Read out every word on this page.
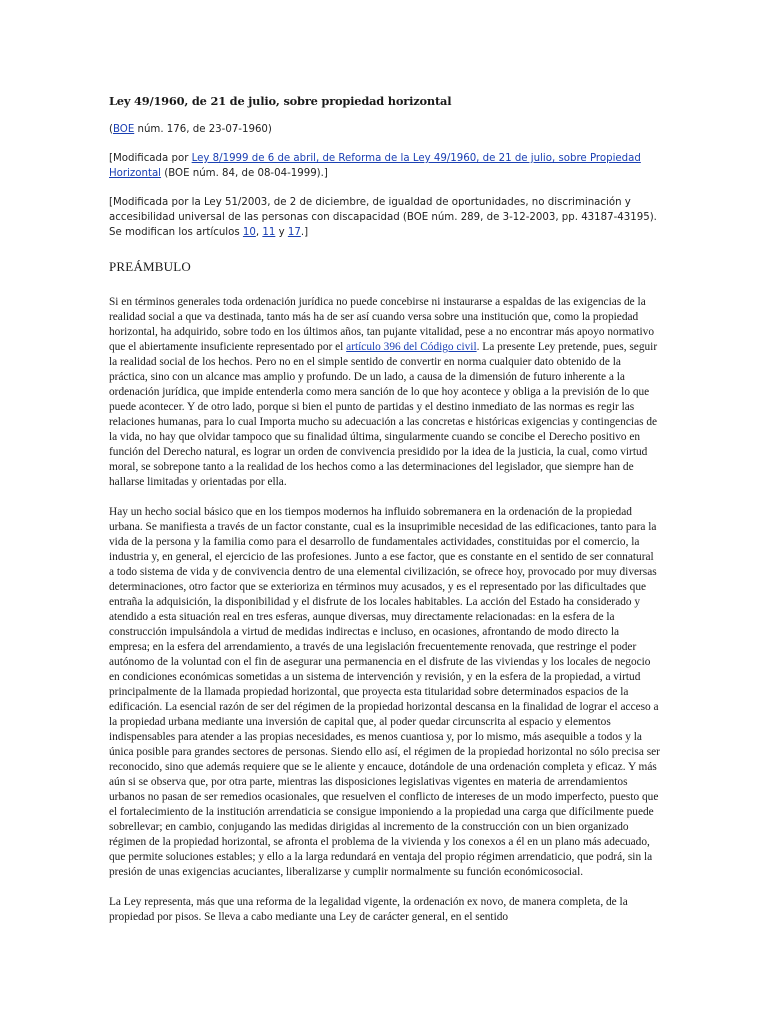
Ley 49/1960, de 21 de julio, sobre propiedad horizontal
(BOE núm. 176, de 23-07-1960)
[Modificada por Ley 8/1999 de 6 de abril, de Reforma de la Ley 49/1960, de 21 de julio, sobre Propiedad Horizontal (BOE núm. 84, de 08-04-1999).]
[Modificada por la Ley 51/2003, de 2 de diciembre, de igualdad de oportunidades, no discriminación y accesibilidad universal de las personas con discapacidad (BOE núm. 289, de 3-12-2003, pp. 43187-43195). Se modifican los artículos 10, 11 y 17.]
PREÁMBULO

Si en términos generales toda ordenación jurídica no puede concebirse ni instaurarse a espaldas de las exigencias de la realidad social a que va destinada, tanto más ha de ser así cuando versa sobre una institución que, como la propiedad horizontal, ha adquirido, sobre todo en los últimos años, tan pujante vitalidad, pese a no encontrar más apoyo normativo que el abiertamente insuficiente representado por el artículo 396 del Código civil. La presente Ley pretende, pues, seguir la realidad social de los hechos. Pero no en el simple sentido de convertir en norma cualquier dato obtenido de la práctica, sino con un alcance mas amplio y profundo. De un lado, a causa de la dimensión de futuro inherente a la ordenación jurídica, que impide entenderla como mera sanción de lo que hoy acontece y obliga a la previsión de lo que puede acontecer. Y de otro lado, porque si bien el punto de partidas y el destino inmediato de las normas es regir las relaciones humanas, para lo cual Importa mucho su adecuación a las concretas e históricas exigencias y contingencias de la vida, no hay que olvidar tampoco que su finalidad última, singularmente cuando se concibe el Derecho positivo en función del Derecho natural, es lograr un orden de convivencia presidido por la idea de la justicia, la cual, como virtud moral, se sobrepone tanto a la realidad de los hechos como a las determinaciones del legislador, que siempre han de hallarse limitadas y orientadas por ella.

Hay un hecho social básico que en los tiempos modernos ha influido sobremanera en la ordenación de la propiedad urbana. Se manifiesta a través de un factor constante, cual es la insuprimible necesidad de las edificaciones, tanto para la vida de la persona y la familia como para el desarrollo de fundamentales actividades, constituidas por el comercio, la industria y, en general, el ejercicio de las profesiones. Junto a ese factor, que es constante en el sentido de ser connatural a todo sistema de vida y de convivencia dentro de una elemental civilización, se ofrece hoy, provocado por muy diversas determinaciones, otro factor que se exterioriza en términos muy acusados, y es el representado por las dificultades que entraña la adquisición, la disponibilidad y el disfrute de los locales habitables. La acción del Estado ha considerado y atendido a esta situación real en tres esferas, aunque diversas, muy directamente relacionadas: en la esfera de la construcción impulsándola a virtud de medidas indirectas e incluso, en ocasiones, afrontando de modo directo la empresa; en la esfera del arrendamiento, a través de una legislación frecuentemente renovada, que restringe el poder autónomo de la voluntad con el fin de asegurar una permanencia en el disfrute de las viviendas y los locales de negocio en condiciones económicas sometidas a un sistema de intervención y revisión, y en la esfera de la propiedad, a virtud principalmente de la llamada propiedad horizontal, que proyecta esta titularidad sobre determinados espacios de la edificación. La esencial razón de ser del régimen de la propiedad horizontal descansa en la finalidad de lograr el acceso a la propiedad urbana mediante una inversión de capital que, al poder quedar circunscrita al espacio y elementos indispensables para atender a las propias necesidades, es menos cuantiosa y, por lo mismo, más asequible a todos y la única posible para grandes sectores de personas. Siendo ello así, el régimen de la propiedad horizontal no sólo precisa ser reconocido, sino que además requiere que se le aliente y encauce, dotándole de una ordenación completa y eficaz. Y más aún si se observa que, por otra parte, mientras las disposiciones legislativas vigentes en materia de arrendamientos urbanos no pasan de ser remedios ocasionales, que resuelven el conflicto de intereses de un modo imperfecto, puesto que el fortalecimiento de la institución arrendaticia se consigue imponiendo a la propiedad una carga que difícilmente puede sobrellevar; en cambio, conjugando las medidas dirigidas al incremento de la construcción con un bien organizado régimen de la propiedad horizontal, se afronta el problema de la vivienda y los conexos a él en un plano más adecuado, que permite soluciones estables; y ello a la larga redundará en ventaja del propio régimen arrendaticio, que podrá, sin la presión de unas exigencias acuciantes, liberalizarse y cumplir normalmente su función económicosocial.

La Ley representa, más que una reforma de la legalidad vigente, la ordenación ex novo, de manera completa, de la propiedad por pisos. Se lleva a cabo mediante una Ley de carácter general, en el sentido
